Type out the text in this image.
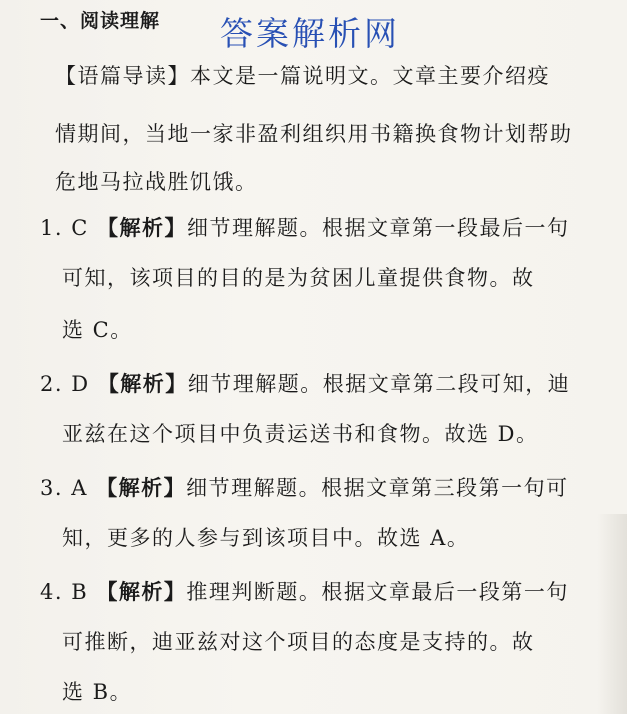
一、阅读理解 答案解析网
【语篇导读】本文是一篇说明文。文章主要介绍疫
情期间，当地一家非盈利组织用书籍换食物计划帮助
危地马拉战胜饥饿。
1. C 【解析】细节理解题。根据文章第一段最后一句
可知，该项目的目的是为贫困儿童提供食物。故
选 C。
2. D 【解析】细节理解题。根据文章第二段可知，迪
亚兹在这个项目中负责运送书和食物。故选 D。
3. A 【解析】细节理解题。根据文章第三段第一句可
知，更多的人参与到该项目中。故选 A。
4. B 【解析】推理判断题。根据文章最后一段第一句
可推断，迪亚兹对这个项目的态度是支持的。故
选 B。
